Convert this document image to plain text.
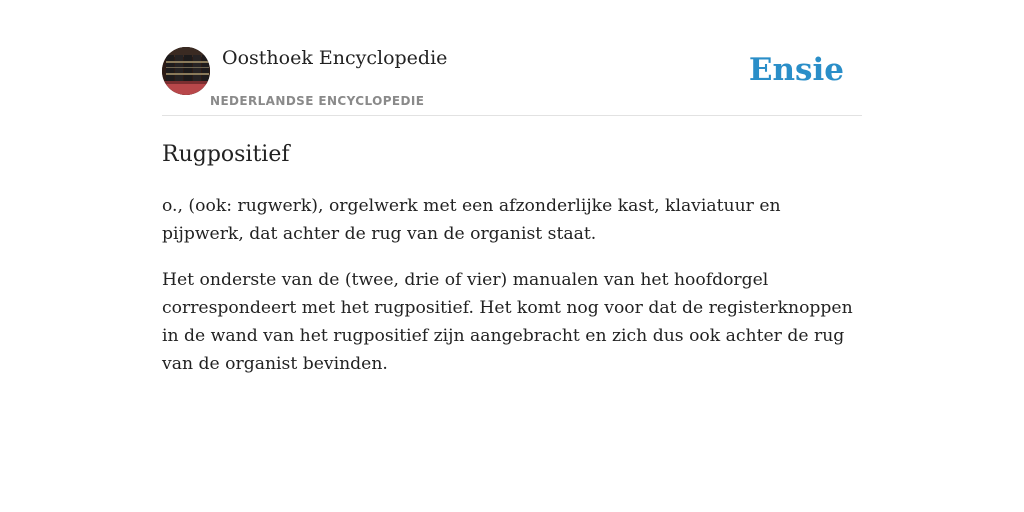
Oosthoek Encyclopedie
NEDERLANDSE ENCYCLOPEDIE
Ensie
Rugpositief

o., (ook: rugwerk), orgelwerk met een afzonderlijke kast, klaviatuur en pijpwerk, dat achter de rug van de organist staat.

Het onderste van de (twee, drie of vier) manualen van het hoofdorgel correspondeert met het rugpositief. Het komt nog voor dat de registerknoppen in de wand van het rugpositief zijn aangebracht en zich dus ook achter de rug van de organist bevinden.
